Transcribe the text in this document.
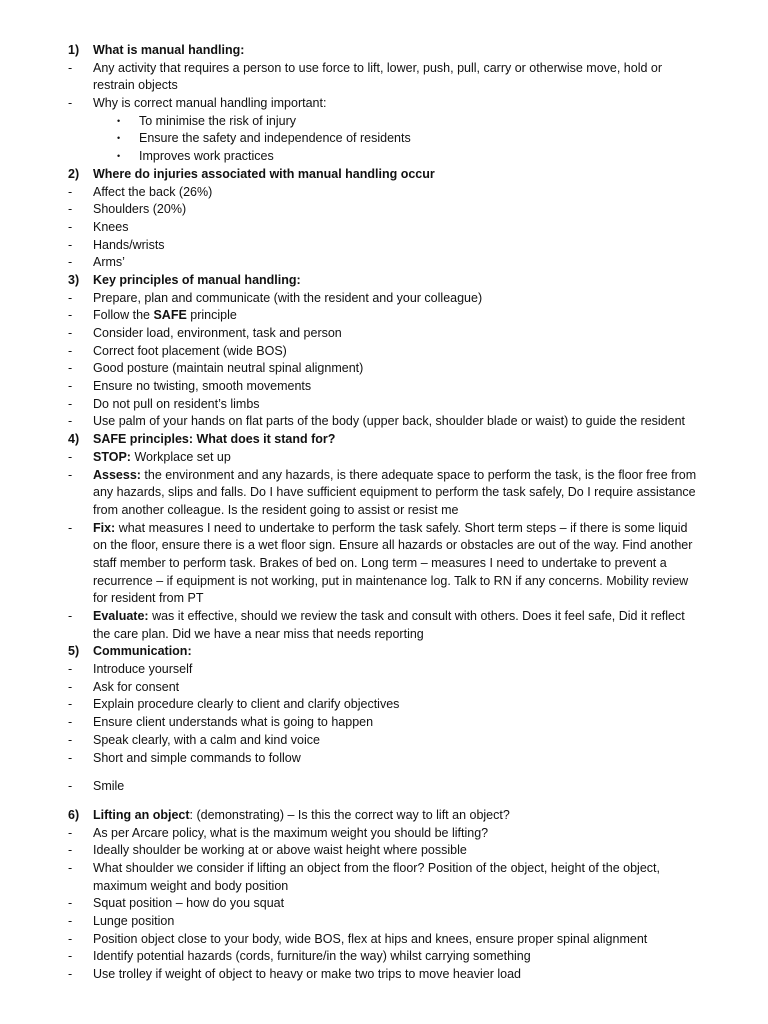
1)	What is manual handling:
-	Any activity that requires a person to use force to lift, lower, push, pull, carry or otherwise move, hold or
restrain objects
-	Why is correct manual handling important:
• To minimise the risk of injury
• Ensure the safety and independence of residents
• Improves work practices
2)	Where do injuries associated with manual handling occur
-	Affect the back (26%)
-	Shoulders (20%)
-	Knees
-	Hands/wrists
-	Arms’
3)	Key principles of manual handling:
-	Prepare, plan and communicate (with the resident and your colleague)
-	Follow the SAFE principle
-	Consider load, environment, task and person
-	Correct foot placement (wide BOS)
-	Good posture (maintain neutral spinal alignment)
-	Ensure no twisting, smooth movements
-	Do not pull on resident’s limbs
-	Use palm of your hands on flat parts of the body (upper back, shoulder blade or waist) to guide the resident
4)	SAFE principles: What does it stand for?
-	STOP: Workplace set up
-	Assess: the environment and any hazards, is there adequate space to perform the task, is the floor free from
any hazards, slips and falls. Do I have sufficient equipment to perform the task safely, Do I require assistance
from another colleague. Is the resident going to assist or resist me
-	Fix: what measures I need to undertake to perform the task safely. Short term steps – if there is some liquid
on the floor, ensure there is a wet floor sign. Ensure all hazards or obstacles are out of the way. Find another
staff member to perform task. Brakes of bed on. Long term – measures I need to undertake to prevent a
recurrence – if equipment is not working, put in maintenance log. Talk to RN if any concerns. Mobility review
for resident from PT
-	Evaluate: was it effective, should we review the task and consult with others. Does it feel safe, Did it reflect
the care plan. Did we have a near miss that needs reporting
5)	Communication:
-	Introduce yourself
-	Ask for consent
-	Explain procedure clearly to client and clarify objectives
-	Ensure client understands what is going to happen
-	Speak clearly, with a calm and kind voice
-	Short and simple commands to follow
-	Smile
6)	Lifting an object: (demonstrating) – Is this the correct way to lift an object?
-	As per Arcare policy, what is the maximum weight you should be lifting?
-	Ideally shoulder be working at or above waist height where possible
-	What shoulder we consider if lifting an object from the floor? Position of the object, height of the object,
maximum weight and body position
-	Squat position – how do you squat
-	Lunge position
-	Position object close to your body, wide BOS, flex at hips and knees, ensure proper spinal alignment
-	Identify potential hazards (cords, furniture/in the way) whilst carrying something
-	Use trolley if weight of object to heavy or make two trips to move heavier load
